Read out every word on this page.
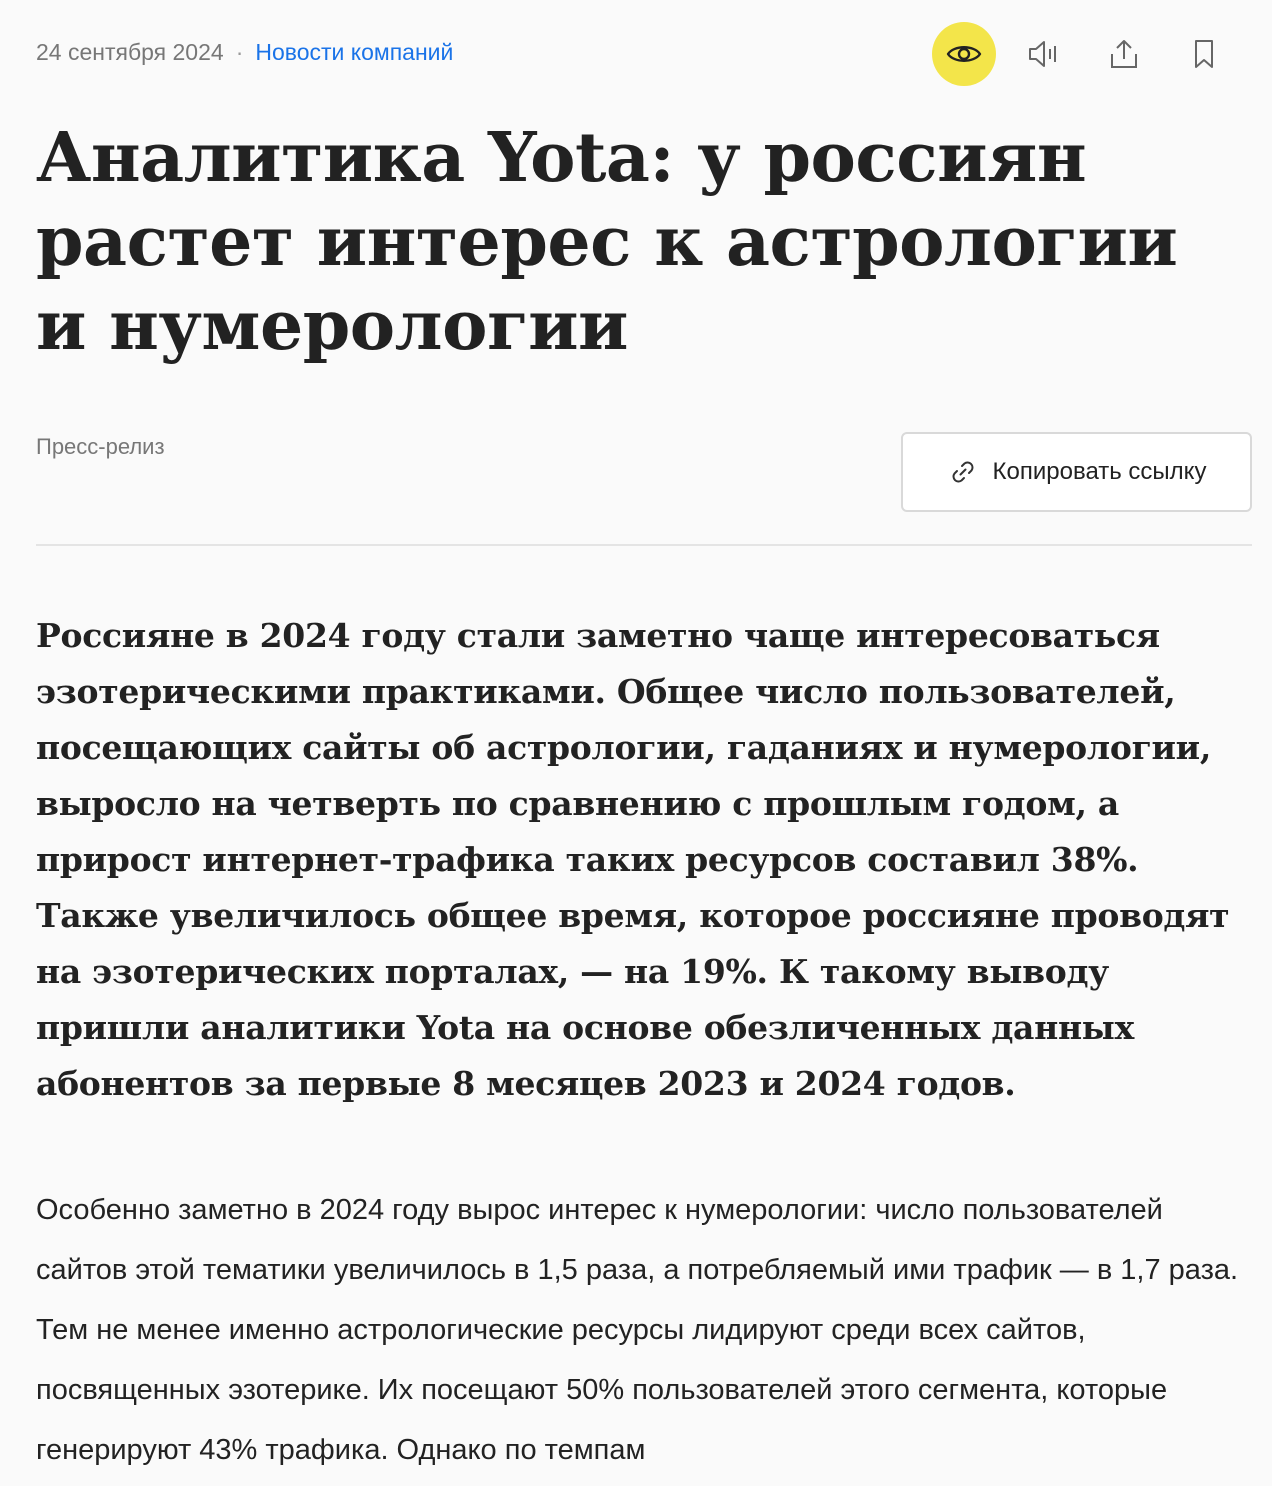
24 сентября 2024 · Новости компаний
Аналитика Yota: у россиян растет интерес к астрологии и нумерологии
Пресс-релиз
Копировать ссылку

Россияне в 2024 году стали заметно чаще интересоваться эзотерическими практиками. Общее число пользователей, посещающих сайты об астрологии, гаданиях и нумерологии, выросло на четверть по сравнению с прошлым годом, а прирост интернет-трафика таких ресурсов составил 38%. Также увеличилось общее время, которое россияне проводят на эзотерических порталах, — на 19%. К такому выводу пришли аналитики Yota на основе обезличенных данных абонентов за первые 8 месяцев 2023 и 2024 годов.

Особенно заметно в 2024 году вырос интерес к нумерологии: число пользователей сайтов этой тематики увеличилось в 1,5 раза, а потребляемый ими трафик — в 1,7 раза. Тем не менее именно астрологические ресурсы лидируют среди всех сайтов, посвященных эзотерике. Их посещают 50% пользователей этого сегмента, которые генерируют 43% трафика. Однако по темпам
